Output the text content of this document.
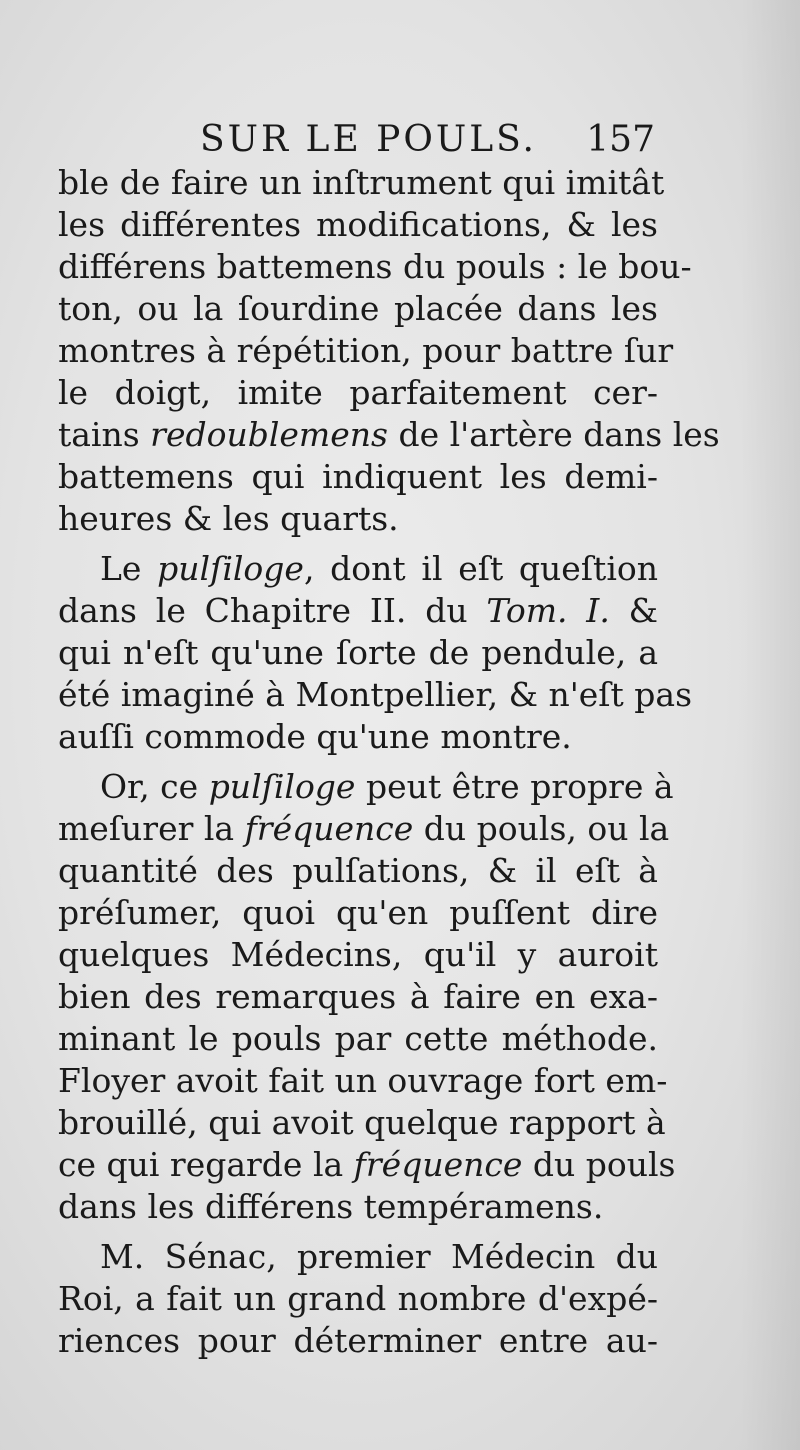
SUR LE POULS. 157
ble de faire un inſtrument qui imitât
les différentes modifications, & les
différens battemens du pouls : le bou-
ton, ou la ſourdine placée dans les
montres à répétition, pour battre ſur
le doigt, imite parfaitement cer-
tains redoublemens de l'artère dans les
battemens qui indiquent les demi-
heures & les quarts.
Le pulſiloge, dont il eſt queſtion
dans le Chapitre II. du Tom. I. &
qui n'eſt qu'une ſorte de pendule, a
été imaginé à Montpellier, & n'eſt pas
auſſi commode qu'une montre.
Or, ce pulſiloge peut être propre à
meſurer la fréquence du pouls, ou la
quantité des pulſations, & il eſt à
préſumer, quoi qu'en puſſent dire
quelques Médecins, qu'il y auroit
bien des remarques à faire en exa-
minant le pouls par cette méthode.
Floyer avoit fait un ouvrage fort em-
brouillé, qui avoit quelque rapport à
ce qui regarde la fréquence du pouls
dans les différens tempéramens.
M. Sénac, premier Médecin du
Roi, a fait un grand nombre d'expé-
riences pour déterminer entre au-
